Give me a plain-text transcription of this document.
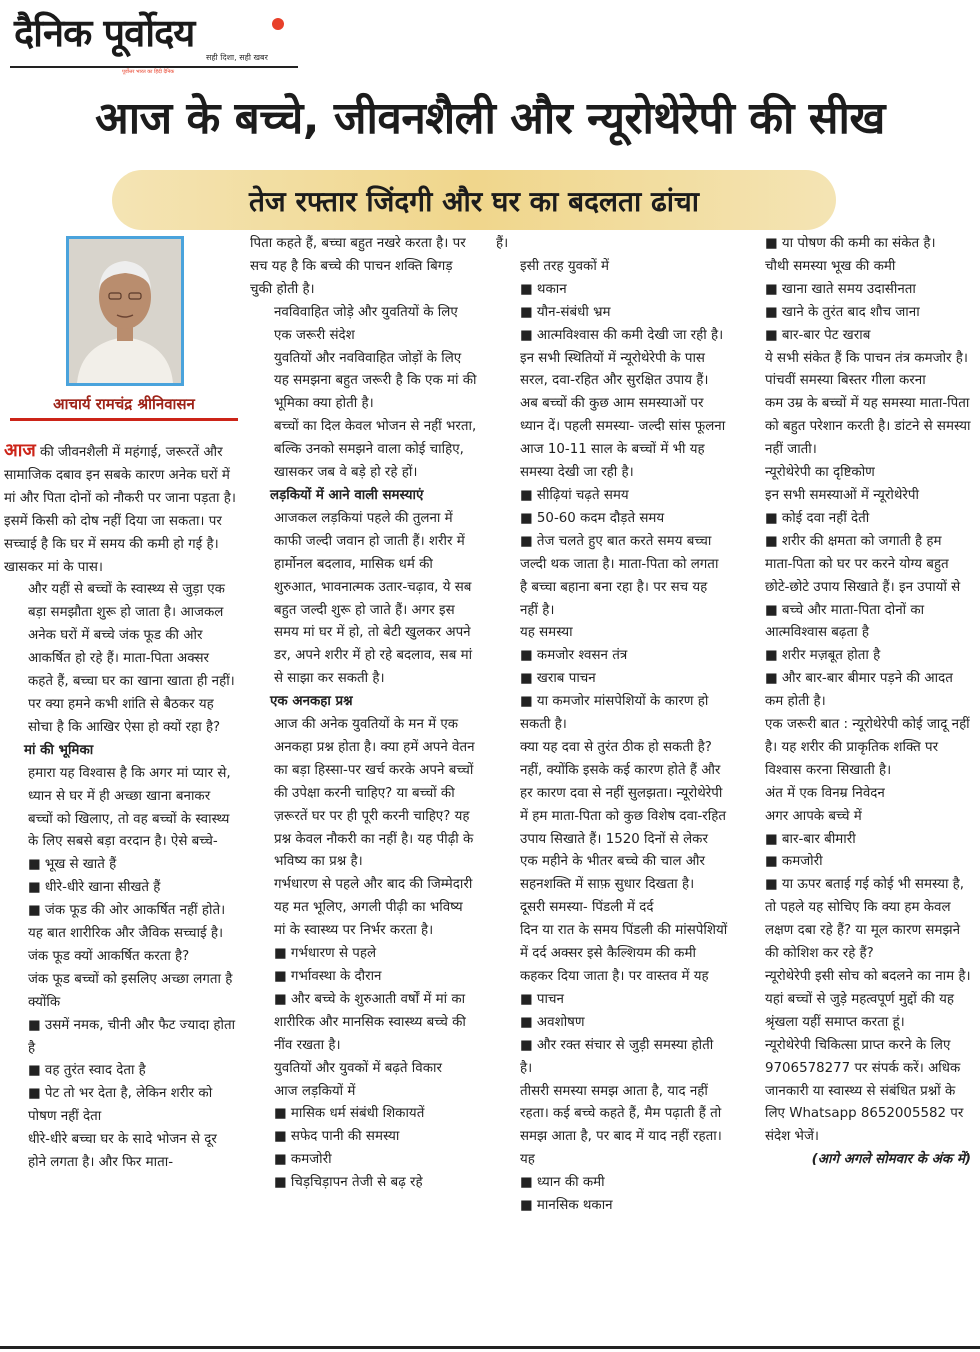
दैनिक पूर्वोदय
सही दिशा, सही खबर
पूर्वोत्तर भारत का हिंदी दैनिक
आज के बच्चे, जीवनशैली और न्यूरोथेरेपी की सीख
तेज रफ्तार जिंदगी और घर का बदलता ढांचा
आचार्य रामचंद्र श्रीनिवासन

आज की जीवनशैली में महंगाई, जरूरतें और सामाजिक दबाव इन सबके कारण अनेक घरों में मां और पिता दोनों को नौकरी पर जाना पड़ता है। इसमें किसी को दोष नहीं दिया जा सकता। पर सच्चाई है कि घर में समय की कमी हो गई है। खासकर मां के पास।

और यहीं से बच्चों के स्वास्थ्य से जुड़ा एक बड़ा समझौता शुरू हो जाता है। आजकल अनेक घरों में बच्चे जंक फूड की ओर आकर्षित हो रहे हैं। माता-पिता अक्सर कहते हैं, बच्चा घर का खाना खाता ही नहीं। पर क्या हमने कभी शांति से बैठकर यह सोचा है कि आखिर ऐसा हो क्यों रहा है?

मां की भूमिका

हमारा यह विश्वास है कि अगर मां प्यार से, ध्यान से घर में ही अच्छा खाना बनाकर बच्चों को खिलाए, तो वह बच्चों के स्वास्थ्य के लिए सबसे बड़ा वरदान है। ऐसे बच्चे-

■ भूख से खाते हैं

■ धीरे-धीरे खाना सीखते हैं

■ जंक फूड की ओर आकर्षित नहीं होते। यह बात शारीरिक और जैविक सच्चाई है।

जंक फूड क्यों आकर्षित करता है?

जंक फूड बच्चों को इसलिए अच्छा लगता है क्योंकि

■ उसमें नमक, चीनी और फैट ज्यादा होता है

■ वह तुरंत स्वाद देता है

■ पेट तो भर देता है, लेकिन शरीर को पोषण नहीं देता

धीरे-धीरे बच्चा घर के सादे भोजन से दूर होने लगता है। और फिर माता-

पिता कहते हैं, बच्चा बहुत नखरे करता है। पर सच यह है कि बच्चे की पाचन शक्ति बिगड़ चुकी होती है।

नवविवाहित जोड़े और युवतियों के लिए एक जरूरी संदेश

युवतियों और नवविवाहित जोड़ों के लिए यह समझना बहुत जरूरी है कि एक मां की भूमिका क्या होती है।

बच्चों का दिल केवल भोजन से नहीं भरता, बल्कि उनको समझने वाला कोई चाहिए, खासकर जब वे बड़े हो रहे हों।

लड़कियों में आने वाली समस्याएं

आजकल लड़कियां पहले की तुलना में काफी जल्दी जवान हो जाती हैं। शरीर में हार्मोनल बदलाव, मासिक धर्म की शुरुआत, भावनात्मक उतार-चढ़ाव, ये सब बहुत जल्दी शुरू हो जाते हैं। अगर इस समय मां घर में हो, तो बेटी खुलकर अपने डर, अपने शरीर में हो रहे बदलाव, सब मां से साझा कर सकती है।

एक अनकहा प्रश्न

आज की अनेक युवतियों के मन में एक अनकहा प्रश्न होता है। क्या हमें अपने वेतन का बड़ा हिस्सा-पर खर्च करके अपने बच्चों की उपेक्षा करनी चाहिए? या बच्चों की ज़रूरतें घर पर ही पूरी करनी चाहिए? यह प्रश्न केवल नौकरी का नहीं है। यह पीढ़ी के भविष्य का प्रश्न है।

गर्भधारण से पहले और बाद की जिम्मेदारी

यह मत भूलिए, अगली पीढ़ी का भविष्य

मां के स्वास्थ्य पर निर्भर करता है।

■ गर्भधारण से पहले

■ गर्भावस्था के दौरान

■ और बच्चे के शुरुआती वर्षों में मां का शारीरिक और मानसिक स्वास्थ्य बच्चे की नींव रखता है।

युवतियों और युवकों में बढ़ते विकार

आज लड़कियों में

■ मासिक धर्म संबंधी शिकायतें

■ सफेद पानी की समस्या

■ कमजोरी

■ चिड़चिड़ापन तेजी से बढ़ रहे

हैं।

इसी तरह युवकों में

■ थकान

■ यौन-संबंधी भ्रम

■ आत्मविश्वास की कमी देखी जा रही है। इन सभी स्थितियों में न्यूरोथेरेपी के पास सरल, दवा-रहित और सुरक्षित उपाय हैं।

अब बच्चों की कुछ आम समस्याओं पर ध्यान दें। पहली समस्या- जल्दी सांस फूलना आज 10-11 साल के बच्चों में भी यह समस्या देखी जा रही है।

■ सीढ़ियां चढ़ते समय

■ 50-60 कदम दौड़ते समय

■ तेज चलते हुए बात करते समय बच्चा जल्दी थक जाता है। माता-पिता को लगता है बच्चा बहाना बना रहा है। पर सच यह नहीं है।

यह समस्या

■ कमजोर श्वसन तंत्र

■ खराब पाचन

■ या कमजोर मांसपेशियों के कारण हो सकती है।

क्या यह दवा से तुरंत ठीक हो सकती है? नहीं, क्योंकि इसके कई कारण होते हैं और हर कारण दवा से नहीं सुलझता। न्यूरोथेरेपी में हम माता-पिता को कुछ विशेष दवा-रहित उपाय सिखाते हैं। 1520 दिनों से लेकर एक महीने के भीतर बच्चे की चाल और सहनशक्ति में साफ़ सुधार दिखता है।

दूसरी समस्या- पिंडली में दर्द

दिन या रात के समय पिंडली की मांसपेशियों में दर्द अक्सर इसे कैल्शियम की कमी कहकर दिया जाता है। पर वास्तव में यह

■ पाचन

■ अवशोषण

■ और रक्त संचार से जुड़ी समस्या होती है।

तीसरी समस्या समझ आता है, याद नहीं रहता। कई बच्चे कहते हैं, मैम पढ़ाती हैं तो समझ आता है, पर बाद में याद नहीं रहता। यह

■ ध्यान की कमी

■ मानसिक थकान

■ या पोषण की कमी का संकेत है।

चौथी समस्या भूख की कमी

■ खाना खाते समय उदासीनता

■ खाने के तुरंत बाद शौच जाना

■ बार-बार पेट खराब

ये सभी संकेत हैं कि पाचन तंत्र कमजोर है।

पांचवीं समस्या बिस्तर गीला करना

कम उम्र के बच्चों में यह समस्या माता-पिता को बहुत परेशान करती है। डांटने से समस्या नहीं जाती।

न्यूरोथेरेपी का दृष्टिकोण

इन सभी समस्याओं में न्यूरोथेरेपी

■ कोई दवा नहीं देती

■ शरीर की क्षमता को जगाती है हम माता-पिता को घर पर करने योग्य बहुत छोटे-छोटे उपाय सिखाते हैं। इन उपायों से

■ बच्चे और माता-पिता दोनों का आत्मविश्वास बढ़ता है

■ शरीर मज़बूत होता है

■ और बार-बार बीमार पड़ने की आदत कम होती है।

एक जरूरी बात : न्यूरोथेरेपी कोई जादू नहीं है। यह शरीर की प्राकृतिक शक्ति पर विश्वास करना सिखाती है।

अंत में एक विनम्र निवेदन

अगर आपके बच्चे में

■ बार-बार बीमारी

■ कमजोरी

■ या ऊपर बताई गई कोई भी समस्या है, तो पहले यह सोचिए कि क्या हम केवल लक्षण दबा रहे हैं? या मूल कारण समझने की कोशिश कर रहे हैं?

न्यूरोथेरेपी इसी सोच को बदलने का नाम है। यहां बच्चों से जुड़े महत्वपूर्ण मुद्दों की यह श्रृंखला यहीं समाप्त करता हूं।

न्यूरोथेरेपी चिकित्सा प्राप्त करने के लिए 9706578277 पर संपर्क करें। अधिक जानकारी या स्वास्थ्य से संबंधित प्रश्नों के लिए Whatsapp 8652005582 पर संदेश भेजें।

(आगे अगले सोमवार के अंक में)
